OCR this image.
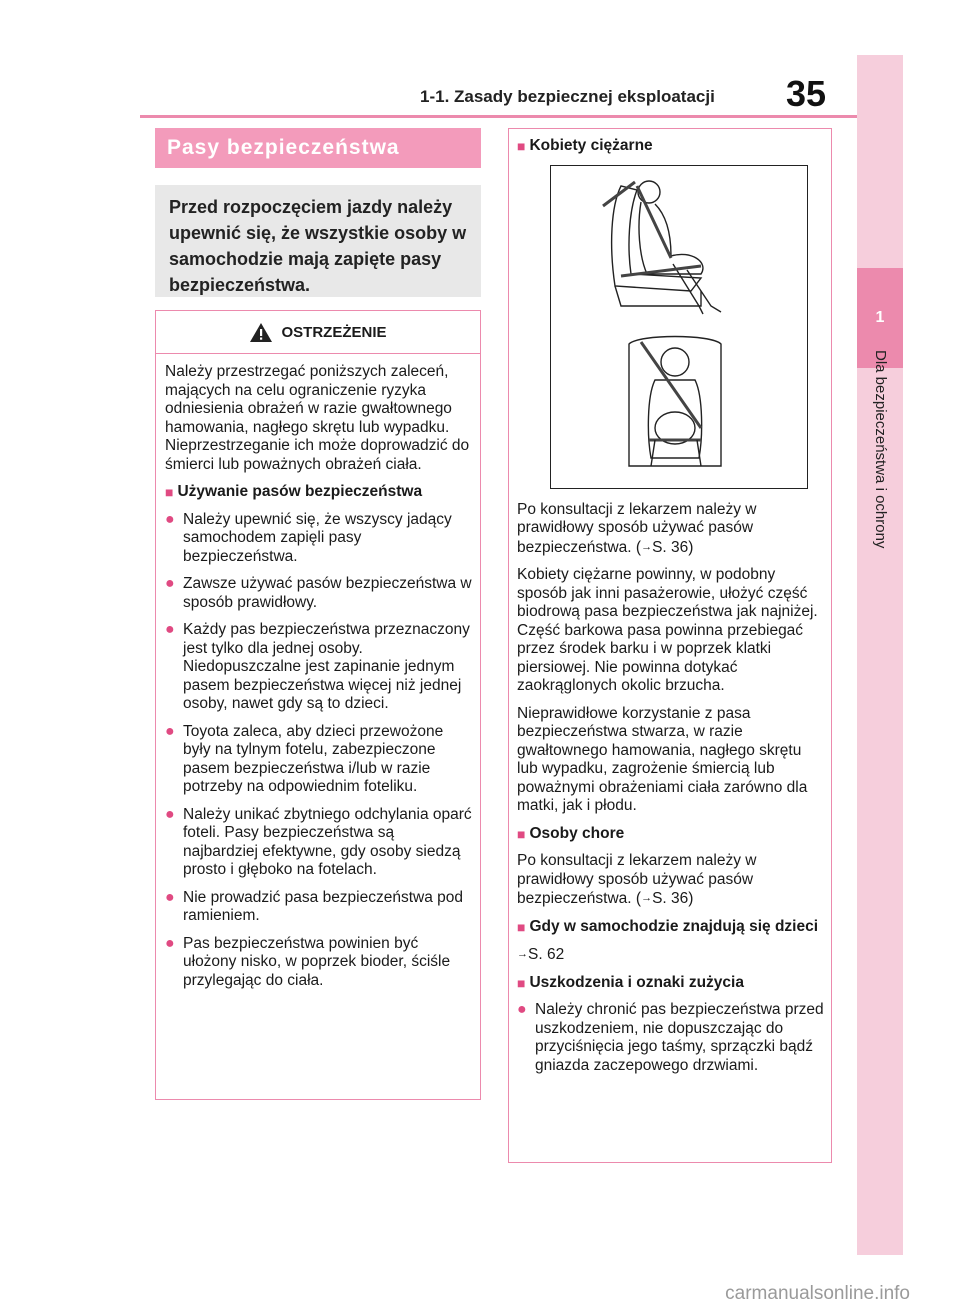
1
Dla bezpieczeństwa i ochrony
1-1. Zasady bezpiecznej eksploatacji 35
Pasy bezpieczeństwa
Przed rozpoczęciem jazdy należy upewnić się, że wszystkie osoby w samochodzie mają zapięte pasy bezpieczeństwa.
OSTRZEŻENIE

Należy przestrzegać poniższych zaleceń, mających na celu ograniczenie ryzyka odniesienia obrażeń w razie gwałtownego hamowania, nagłego skrętu lub wypadku. Nieprzestrzeganie ich może doprowadzić do śmierci lub poważnych obrażeń ciała.

■ Używanie pasów bezpieczeństwa
● Należy upewnić się, że wszyscy jadący samochodem zapięli pasy bezpieczeństwa.
● Zawsze używać pasów bezpieczeństwa w sposób prawidłowy.
● Każdy pas bezpieczeństwa przeznaczony jest tylko dla jednej osoby. Niedopuszczalne jest zapinanie jednym pasem bezpieczeństwa więcej niż jednej osoby, nawet gdy są to dzieci.
● Toyota zaleca, aby dzieci przewożone były na tylnym fotelu, zabezpieczone pasem bezpieczeństwa i/lub w razie potrzeby na odpowiednim foteliku.
● Należy unikać zbytniego odchylania oparć foteli. Pasy bezpieczeństwa są najbardziej efektywne, gdy osoby siedzą prosto i głęboko na fotelach.
● Nie prowadzić pasa bezpieczeństwa pod ramieniem.
● Pas bezpieczeństwa powinien być ułożony nisko, w poprzek bioder, ściśle przylegając do ciała.
■ Kobiety ciężarne

Po konsultacji z lekarzem należy w prawidłowy sposób używać pasów bezpieczeństwa. (→S. 36)

Kobiety ciężarne powinny, w podobny sposób jak inni pasażerowie, ułożyć część biodrową pasa bezpieczeństwa jak najniżej. Część barkowa pasa powinna przebiegać przez środek barku i w poprzek klatki piersiowej. Nie powinna dotykać zaokrąglonych okolic brzucha.

Nieprawidłowe korzystanie z pasa bezpieczeństwa stwarza, w razie gwałtownego hamowania, nagłego skrętu lub wypadku, zagrożenie śmiercią lub poważnymi obrażeniami ciała zarówno dla matki, jak i płodu.

■ Osoby chore

Po konsultacji z lekarzem należy w prawidłowy sposób używać pasów bezpieczeństwa. (→S. 36)

■ Gdy w samochodzie znajdują się dzieci

→S. 62

■ Uszkodzenia i oznaki zużycia
● Należy chronić pas bezpieczeństwa przed uszkodzeniem, nie dopuszczając do przyciśnięcia jego taśmy, sprzączki bądź gniazda zaczepowego drzwiami.
carmanualsonline.info
